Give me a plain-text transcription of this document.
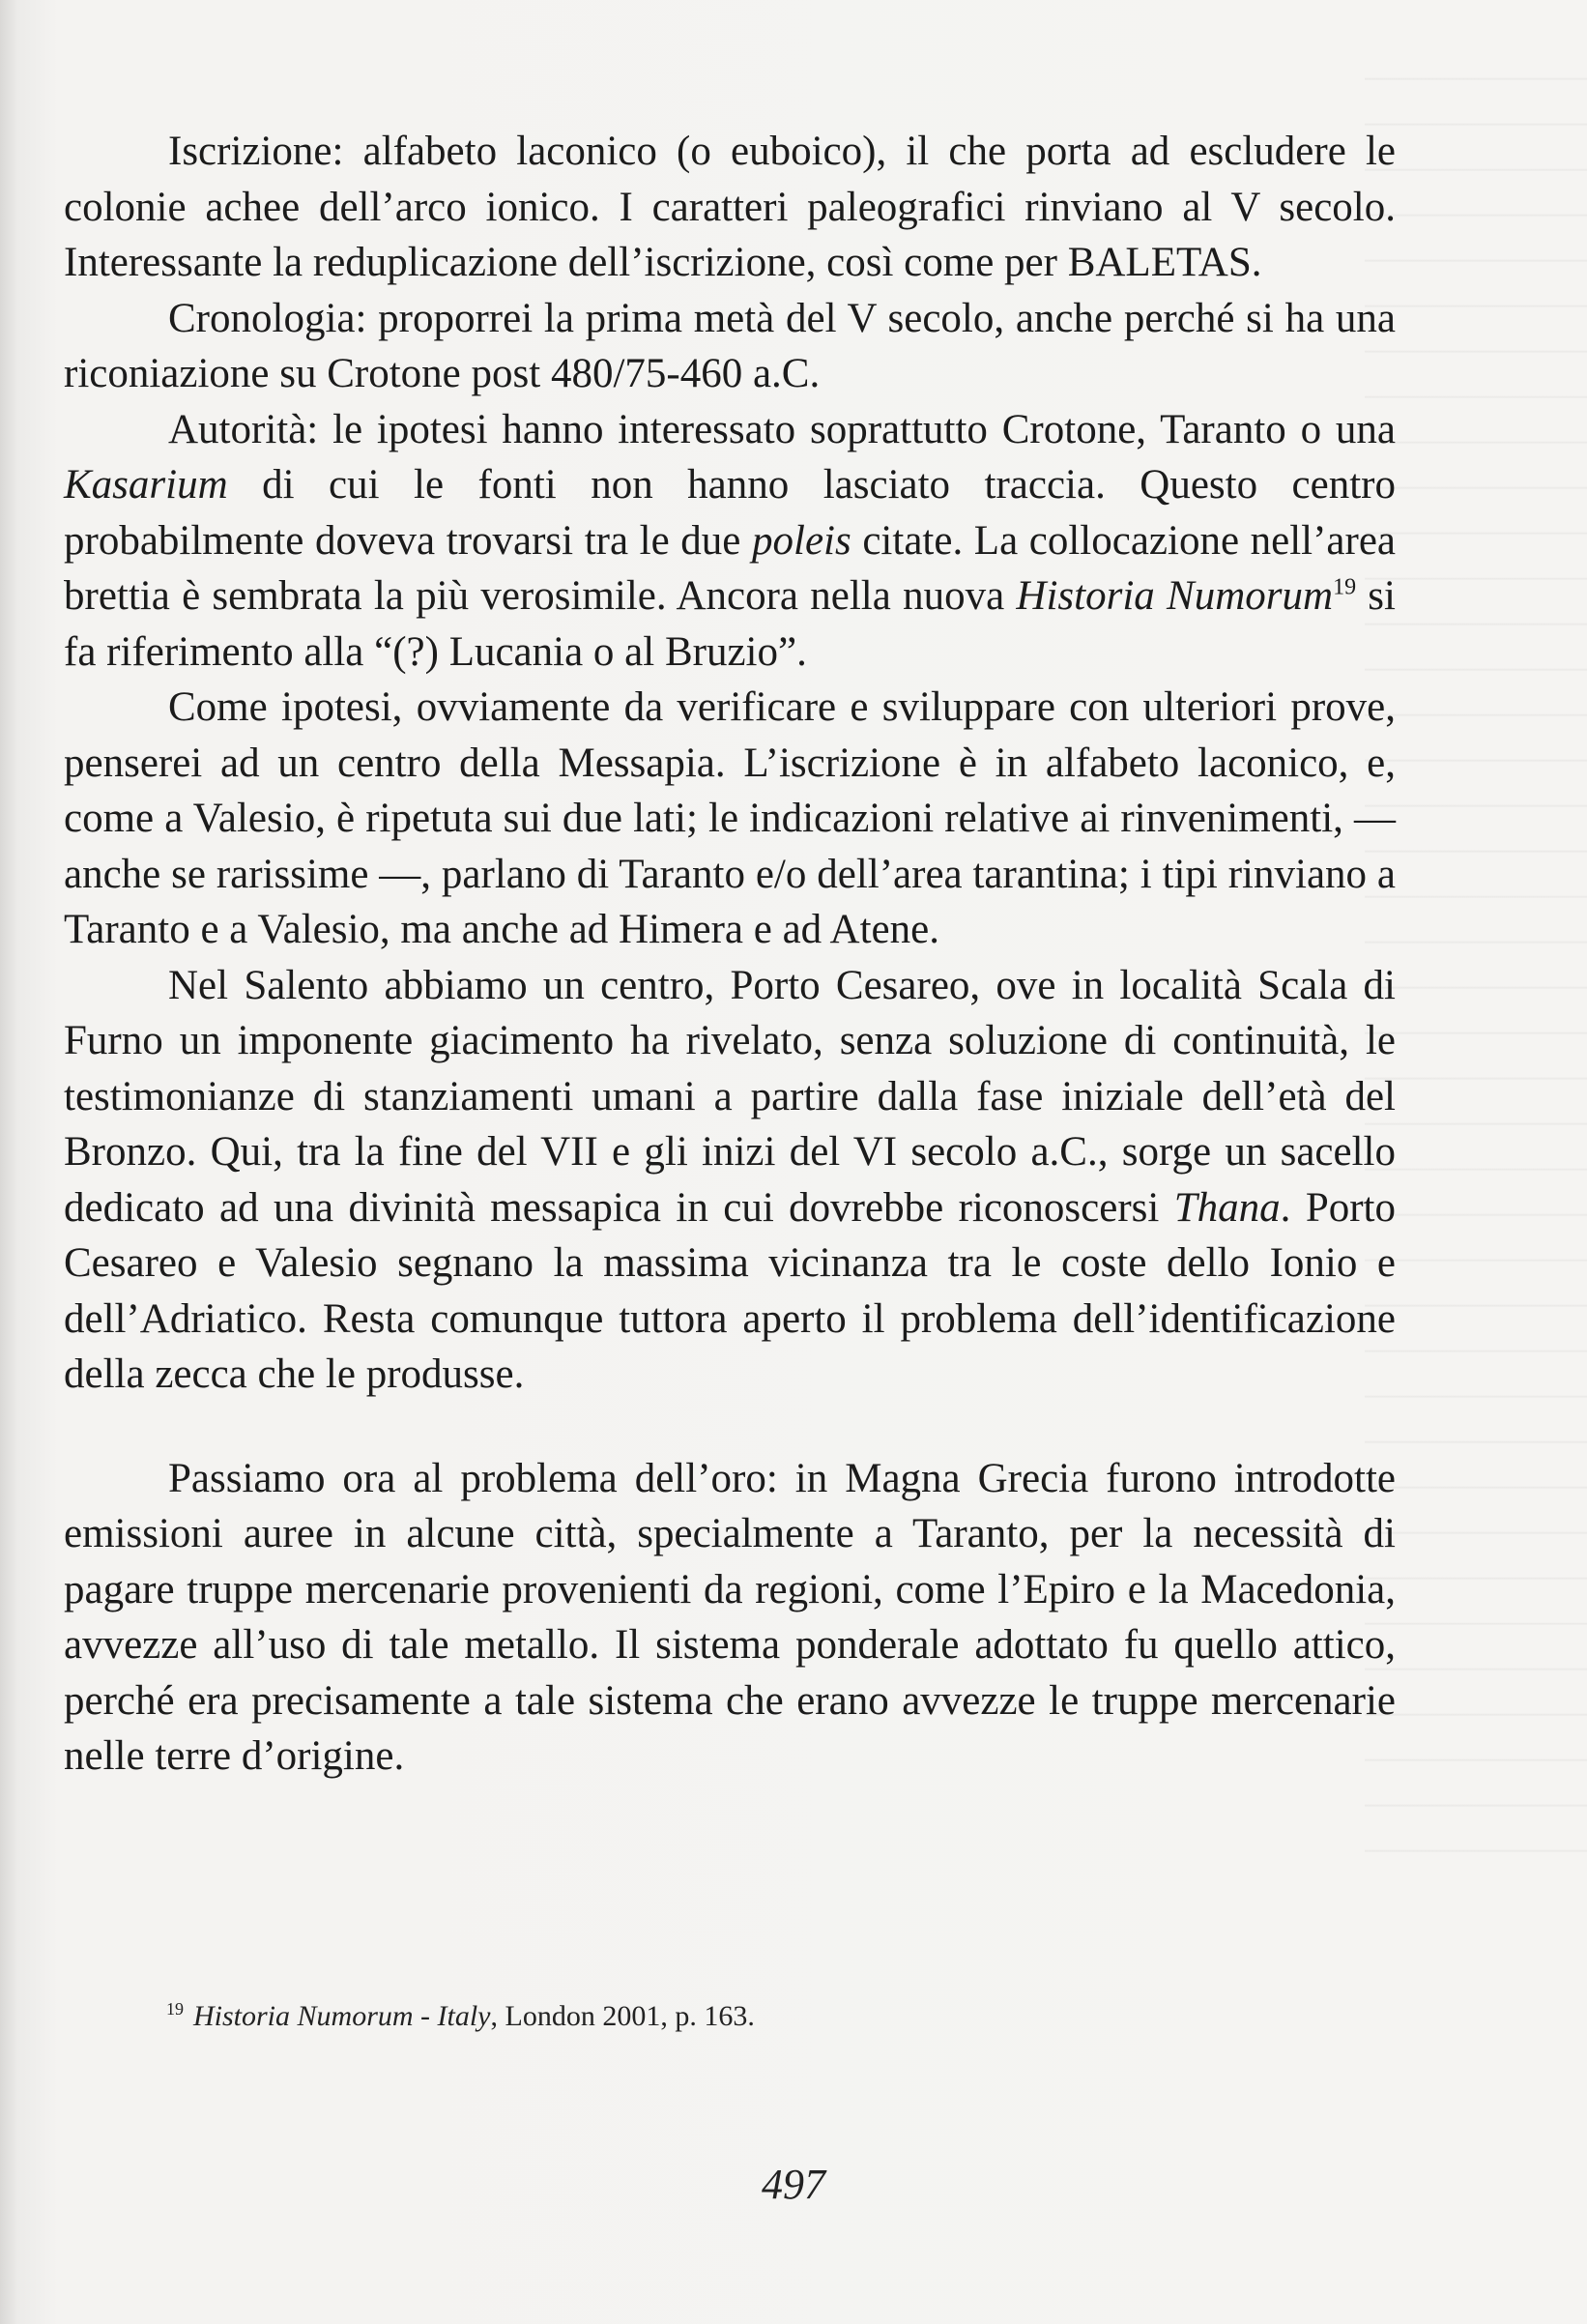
Iscrizione: alfabeto laconico (o euboico), il che porta ad escludere le colonie achee dell’arco ionico. I caratteri paleografici rinviano al V secolo. Interessante la reduplicazione dell’iscrizione, così come per BALETAS.

Cronologia: proporrei la prima metà del V secolo, anche perché si ha una riconiazione su Crotone post 480/75-460 a.C.

Autorità: le ipotesi hanno interessato soprattutto Crotone, Taranto o una Kasarium di cui le fonti non hanno lasciato traccia. Questo centro probabilmente doveva trovarsi tra le due poleis citate. La collocazione nell’area brettia è sembrata la più verosimile. Ancora nella nuova Historia Numorum$^{19}$ si fa riferimento alla “(?) Lucania o al Bruzio”.

Come ipotesi, ovviamente da verificare e sviluppare con ulteriori prove, penserei ad un centro della Messapia. L’iscrizione è in alfabeto laconico, e, come a Valesio, è ripetuta sui due lati; le indicazioni relative ai rinvenimenti, — anche se rarissime —, parlano di Taranto e/o dell’area tarantina; i tipi rinviano a Taranto e a Valesio, ma anche ad Himera e ad Atene.

Nel Salento abbiamo un centro, Porto Cesareo, ove in località Scala di Furno un imponente giacimento ha rivelato, senza soluzione di continuità, le testimonianze di stanziamenti umani a partire dalla fase iniziale dell’età del Bronzo. Qui, tra la fine del VII e gli inizi del VI secolo a.C., sorge un sacello dedicato ad una divinità messapica in cui dovrebbe riconoscersi Thana. Porto Cesareo e Valesio segnano la massima vicinanza tra le coste dello Ionio e dell’Adriatico. Resta comunque tuttora aperto il problema dell’identificazione della zecca che le produsse.

Passiamo ora al problema dell’oro: in Magna Grecia furono introdotte emissioni auree in alcune città, specialmente a Taranto, per la necessità di pagare truppe mercenarie provenienti da regioni, come l’Epiro e la Macedonia, avvezze all’uso di tale metallo. Il sistema ponderale adottato fu quello attico, perché era precisamente a tale sistema che erano avvezze le truppe mercenarie nelle terre d’origine.

$^{19}$ Historia Numorum - Italy, London 2001, p. 163.
497
